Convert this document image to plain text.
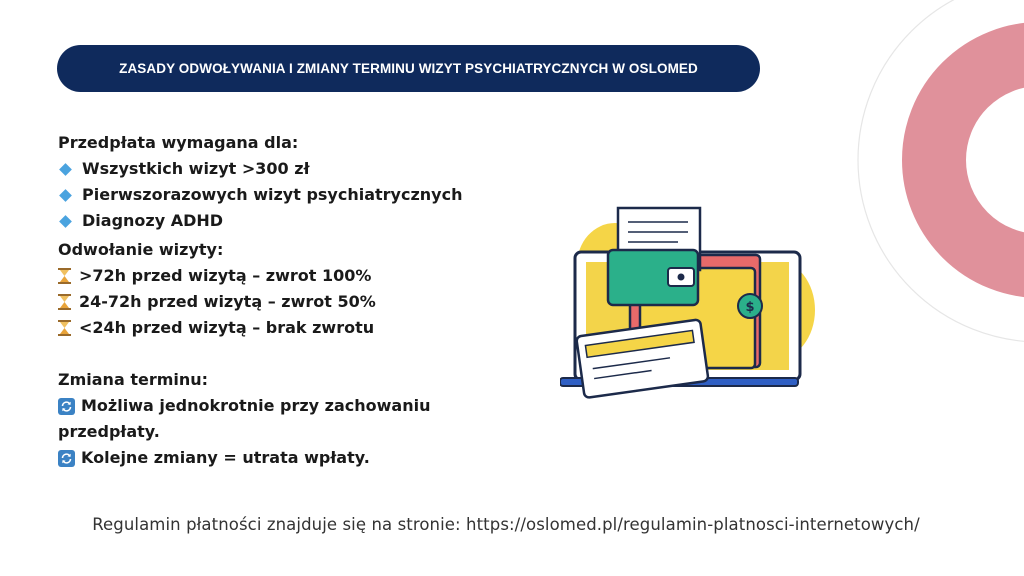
ZASADY ODWOŁYWANIA I ZMIANY TERMINU WIZYT PSYCHIATRYCZNYCH W OSLOMED
Przedpłata wymagana dla:
Wszystkich wizyt >300 zł
Pierwszorazowych wizyt psychiatrycznych
Diagnozy ADHD
Odwołanie wizyty:
>72h przed wizytą – zwrot 100%
24-72h przed wizytą – zwrot 50%
<24h przed wizytą – brak zwrotu
Zmiana terminu:
Możliwa jednokrotnie przy zachowaniu
przedpłaty.
Kolejne zmiany = utrata wpłaty.
$
Regulamin płatności znajduje się na stronie: https://oslomed.pl/regulamin-platnosci-internetowych/
